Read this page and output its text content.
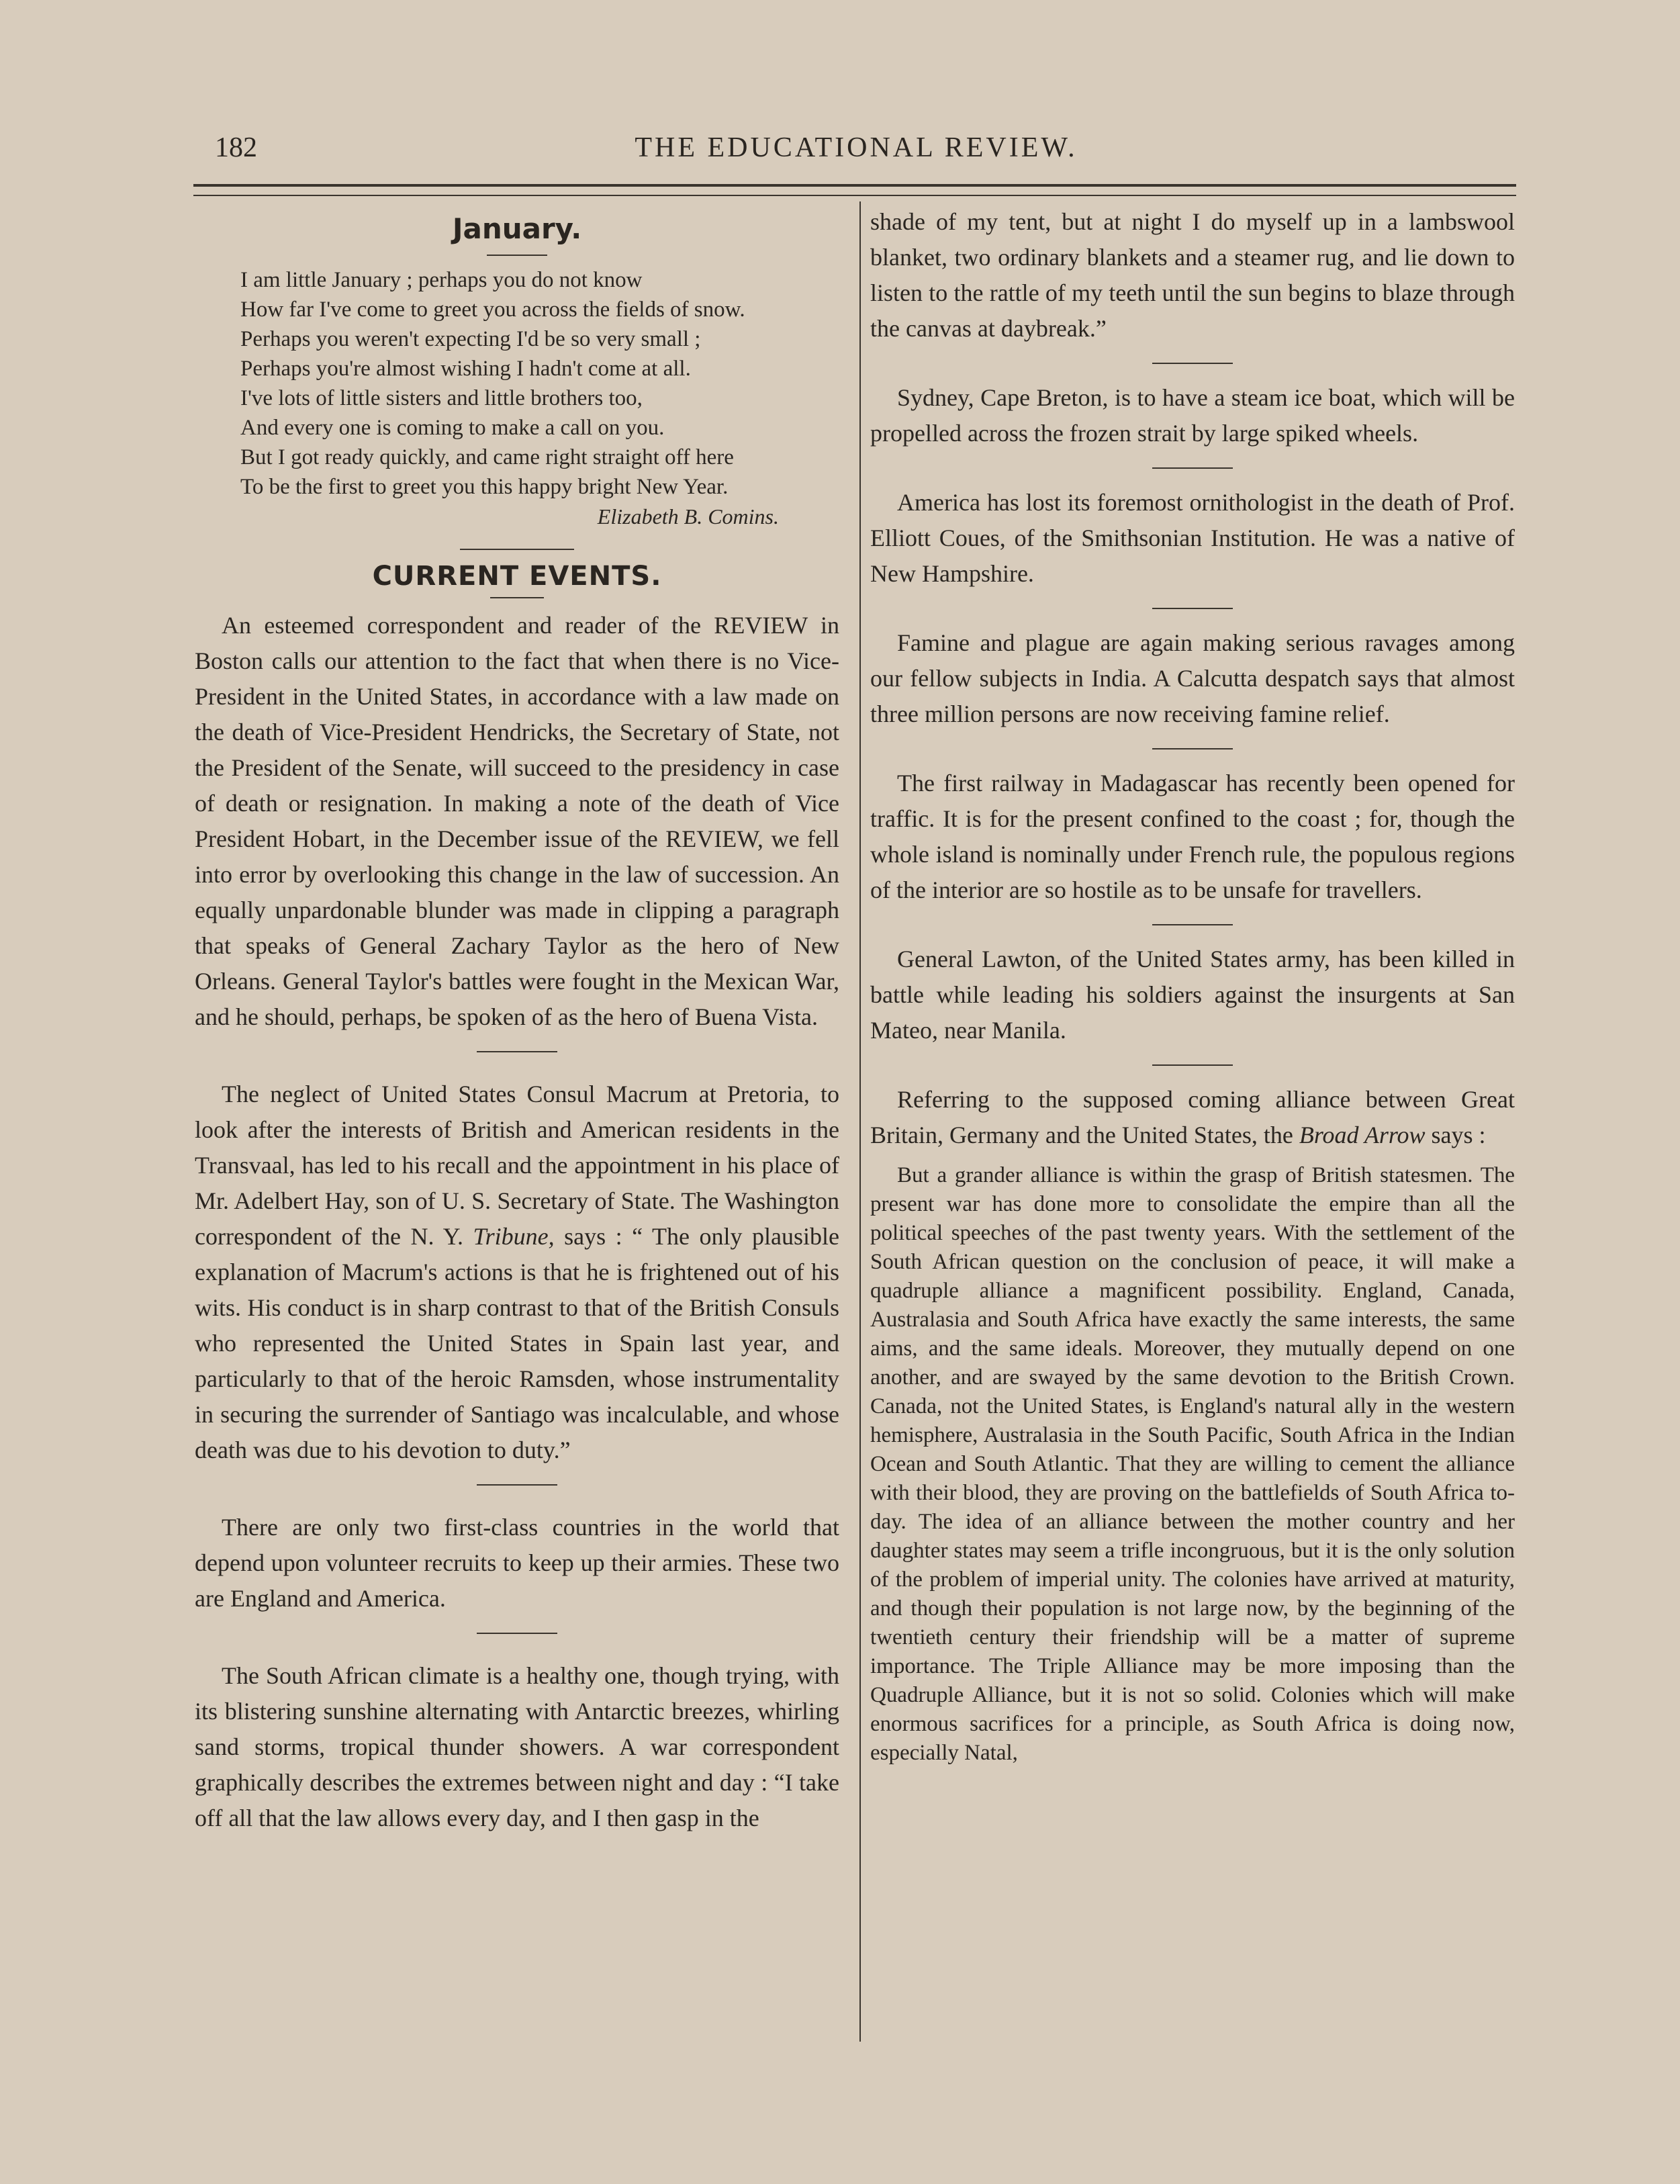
182	THE EDUCATIONAL REVIEW.
January.
I am little January ; perhaps you do not know
How far I've come to greet you across the fields of snow.
Perhaps you weren't expecting I'd be so very small ;
Perhaps you're almost wishing I hadn't come at all.
I've lots of little sisters and little brothers too,
And every one is coming to make a call on you.
But I got ready quickly, and came right straight off here
To be the first to greet you this happy bright New Year.
Elizabeth B. Comins.
CURRENT EVENTS.

An esteemed correspondent and reader of the REVIEW in Boston calls our attention to the fact that when there is no Vice-President in the United States, in accordance with a law made on the death of Vice-President Hendricks, the Secretary of State, not the President of the Senate, will succeed to the presidency in case of death or resignation. In making a note of the death of Vice President Hobart, in the December issue of the REVIEW, we fell into error by overlooking this change in the law of succession. An equally unpardonable blunder was made in clipping a paragraph that speaks of General Zachary Taylor as the hero of New Orleans. General Taylor's battles were fought in the Mexican War, and he should, perhaps, be spoken of as the hero of Buena Vista.

The neglect of United States Consul Macrum at Pretoria, to look after the interests of British and American residents in the Transvaal, has led to his recall and the appointment in his place of Mr. Adelbert Hay, son of U. S. Secretary of State. The Washington correspondent of the N. Y. Tribune, says : “ The only plausible explanation of Macrum's actions is that he is frightened out of his wits. His conduct is in sharp contrast to that of the British Consuls who represented the United States in Spain last year, and particularly to that of the heroic Ramsden, whose instrumentality in securing the surrender of Santiago was incalculable, and whose death was due to his devotion to duty.”

There are only two first-class countries in the world that depend upon volunteer recruits to keep up their armies. These two are England and America.

The South African climate is a healthy one, though trying, with its blistering sunshine alternating with Antarctic breezes, whirling sand storms, tropical thunder showers. A war correspondent graphically describes the extremes between night and day : “I take off all that the law allows every day, and I then gasp in the

shade of my tent, but at night I do myself up in a lambswool blanket, two ordinary blankets and a steamer rug, and lie down to listen to the rattle of my teeth until the sun begins to blaze through the canvas at daybreak.”

Sydney, Cape Breton, is to have a steam ice boat, which will be propelled across the frozen strait by large spiked wheels.

America has lost its foremost ornithologist in the death of Prof. Elliott Coues, of the Smithsonian Institution. He was a native of New Hampshire.

Famine and plague are again making serious ravages among our fellow subjects in India. A Calcutta despatch says that almost three million persons are now receiving famine relief.

The first railway in Madagascar has recently been opened for traffic. It is for the present confined to the coast ; for, though the whole island is nominally under French rule, the populous regions of the interior are so hostile as to be unsafe for travellers.

General Lawton, of the United States army, has been killed in battle while leading his soldiers against the insurgents at San Mateo, near Manila.

Referring to the supposed coming alliance between Great Britain, Germany and the United States, the Broad Arrow says :

But a grander alliance is within the grasp of British statesmen. The present war has done more to consolidate the empire than all the political speeches of the past twenty years. With the settlement of the South African question on the conclusion of peace, it will make a quadruple alliance a magnificent possibility. England, Canada, Australasia and South Africa have exactly the same interests, the same aims, and the same ideals. Moreover, they mutually depend on one another, and are swayed by the same devotion to the British Crown. Canada, not the United States, is England's natural ally in the western hemisphere, Australasia in the South Pacific, South Africa in the Indian Ocean and South Atlantic. That they are willing to cement the alliance with their blood, they are proving on the battlefields of South Africa to-day. The idea of an alliance between the mother country and her daughter states may seem a trifle incongruous, but it is the only solution of the problem of imperial unity. The colonies have arrived at maturity, and though their population is not large now, by the beginning of the twentieth century their friendship will be a matter of supreme importance. The Triple Alliance may be more imposing than the Quadruple Alliance, but it is not so solid. Colonies which will make enormous sacrifices for a principle, as South Africa is doing now, especially Natal,
